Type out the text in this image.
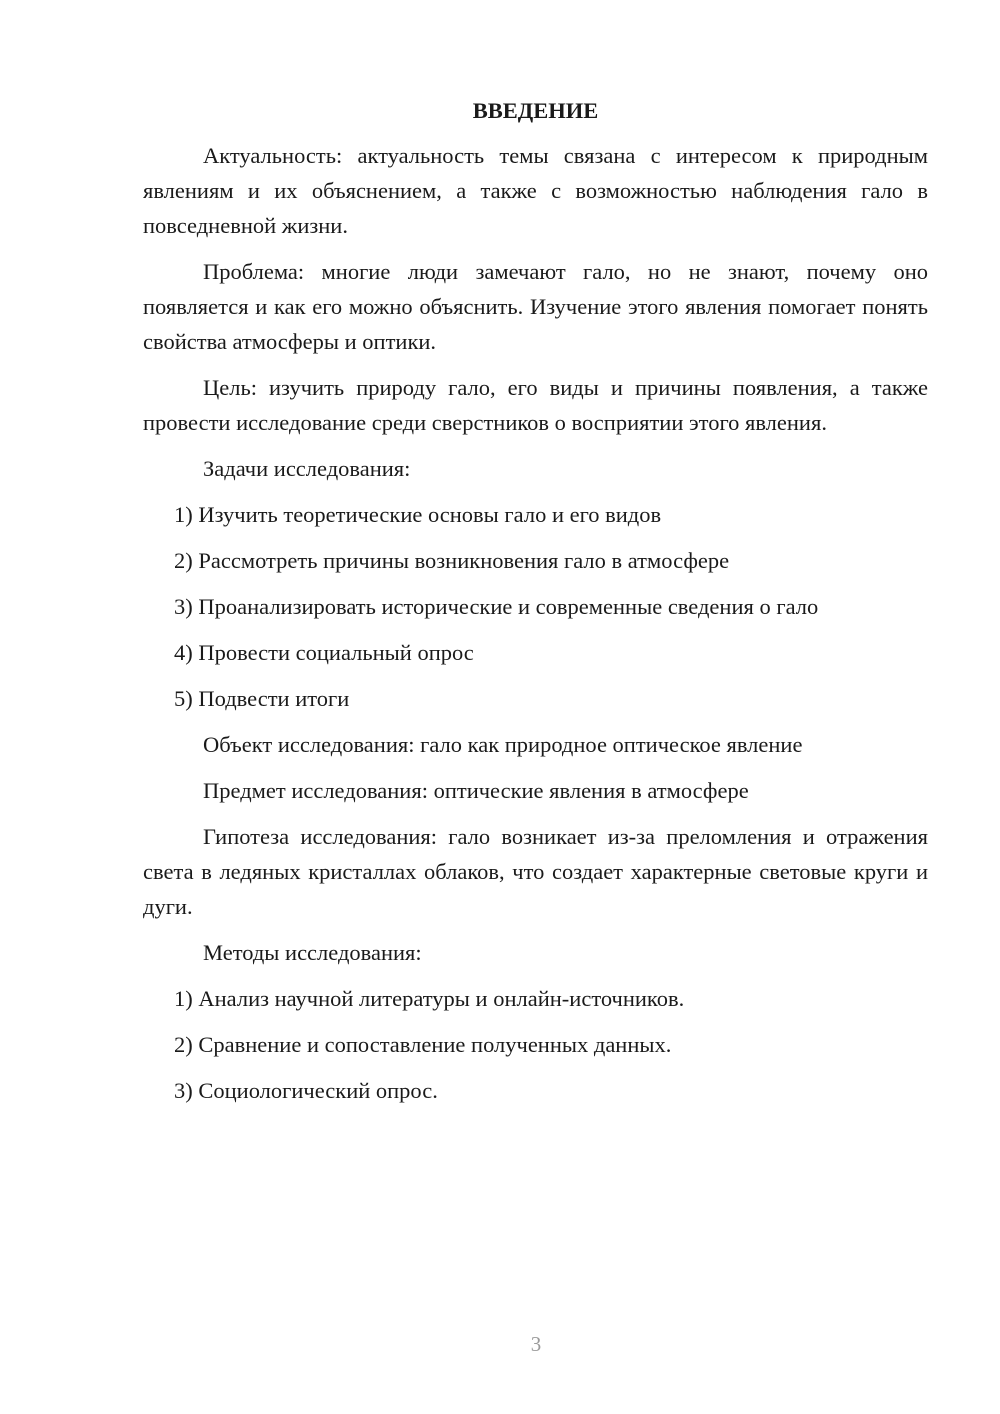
ВВЕДЕНИЕ
Актуальность: актуальность темы связана с интересом к природным явлениям и их объяснением, а также с возможностью наблюдения гало в повседневной жизни.
Проблема: многие люди замечают гало, но не знают, почему оно появляется и как его можно объяснить. Изучение этого явления помогает понять свойства атмосферы и оптики.
Цель: изучить природу гало, его виды и причины появления, а также провести исследование среди сверстников о восприятии этого явления.
Задачи исследования:
1) Изучить теоретические основы гало и его видов
2) Рассмотреть причины возникновения гало в атмосфере
3) Проанализировать исторические и современные сведения о гало
4) Провести социальный опрос
5) Подвести итоги
Объект исследования: гало как природное оптическое явление
Предмет исследования: оптические явления в атмосфере
Гипотеза исследования: гало возникает из-за преломления и отражения света в ледяных кристаллах облаков, что создает характерные световые круги и дуги.
Методы исследования:
1) Анализ научной литературы и онлайн-источников.
2) Сравнение и сопоставление полученных данных.
3) Социологический опрос.
3
